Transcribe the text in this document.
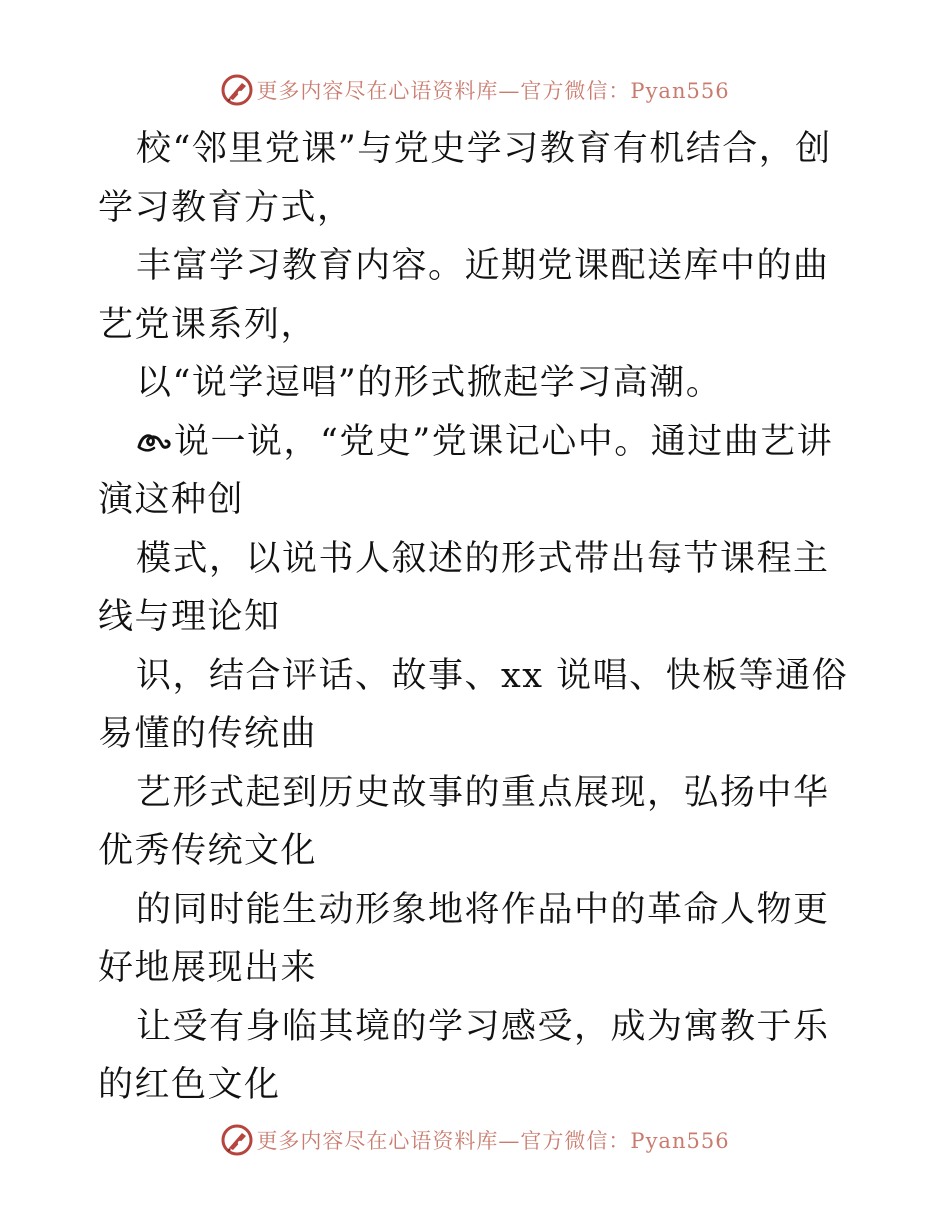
更多内容尽在心语资料库—官方微信：Pyan556

校“邻里党课”与党史学习教育有机结合，创学习教育方式，

丰富学习教育内容。近期党课配送库中的曲艺党课系列，

以“说学逗唱”的形式掀起学习高潮。

说一说，“党史”党课记心中。通过曲艺讲演这种创

模式，以说书人叙述的形式带出每节课程主线与理论知

识，结合评话、故事、xx 说唱、快板等通俗易懂的传统曲

艺形式起到历史故事的重点展现，弘扬中华优秀传统文化

的同时能生动形象地将作品中的革命人物更好地展现出来

让受有身临其境的学习感受，成为寓教于乐的红色文化

更多内容尽在心语资料库—官方微信：Pyan556
